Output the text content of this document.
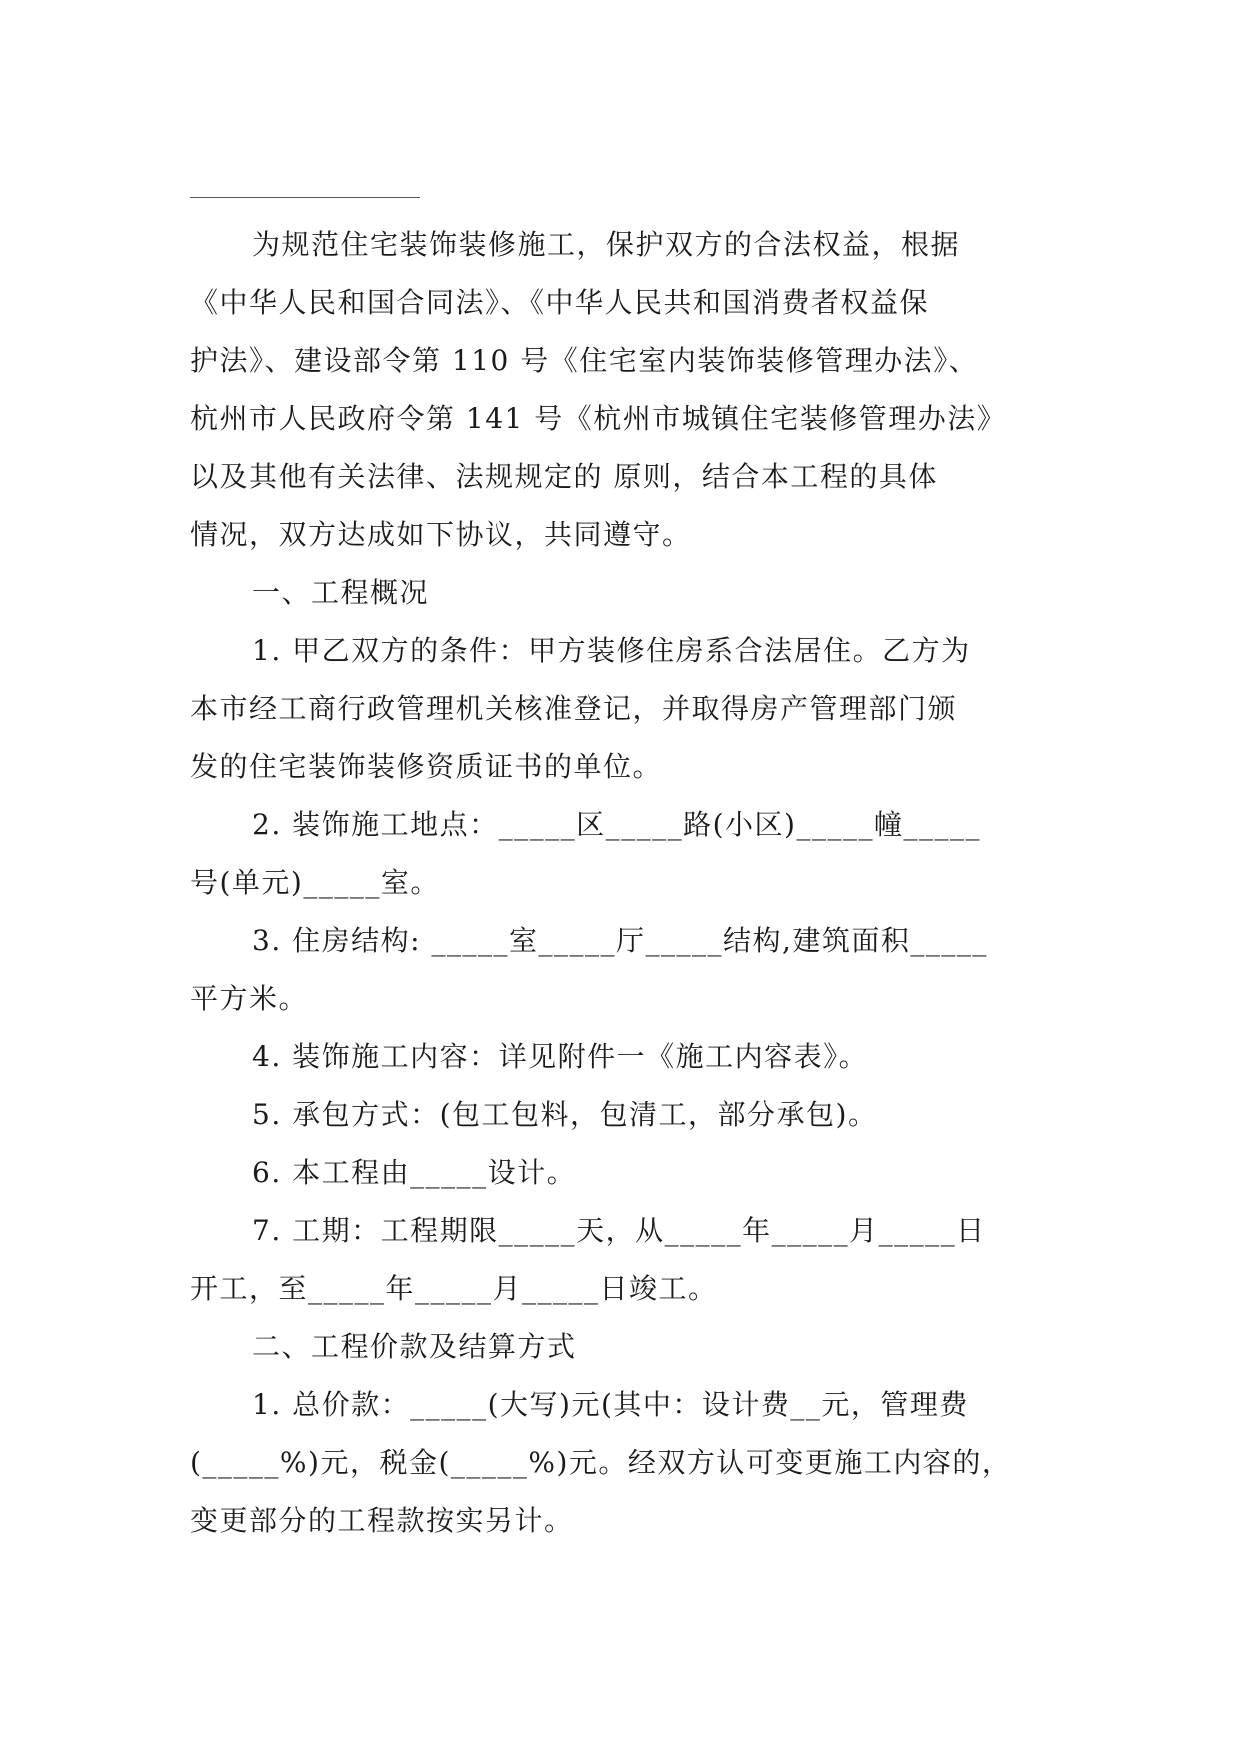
为规范住宅装饰装修施工，保护双方的合法权益，根据
《中华人民和国合同法》、《中华人民共和国消费者权益保
护法》、建设部令第 110 号《住宅室内装饰装修管理办法》、
杭州市人民政府令第 141 号《杭州市城镇住宅装修管理办法》
以及其他有关法律、法规规定的 原则，结合本工程的具体
情况，双方达成如下协议，共同遵守。
一、工程概况
1. 甲乙双方的条件：甲方装修住房系合法居住。乙方为
本市经工商行政管理机关核准登记，并取得房产管理部门颁
发的住宅装饰装修资质证书的单位。
2. 装饰施工地点：_____区_____路(小区)_____幢_____
号(单元)_____室。
3. 住房结构: _____室_____厅_____结构,建筑面积_____
平方米。
4. 装饰施工内容：详见附件一《施工内容表》。
5. 承包方式：(包工包料，包清工，部分承包)。
6. 本工程由_____设计。
7. 工期：工程期限_____天，从_____年_____月_____日
开工，至_____年_____月_____日竣工。
二、工程价款及结算方式
1. 总价款：_____(大写)元(其中：设计费__元，管理费
(_____%)元，税金(_____%)元。经双方认可变更施工内容的，
变更部分的工程款按实另计。
